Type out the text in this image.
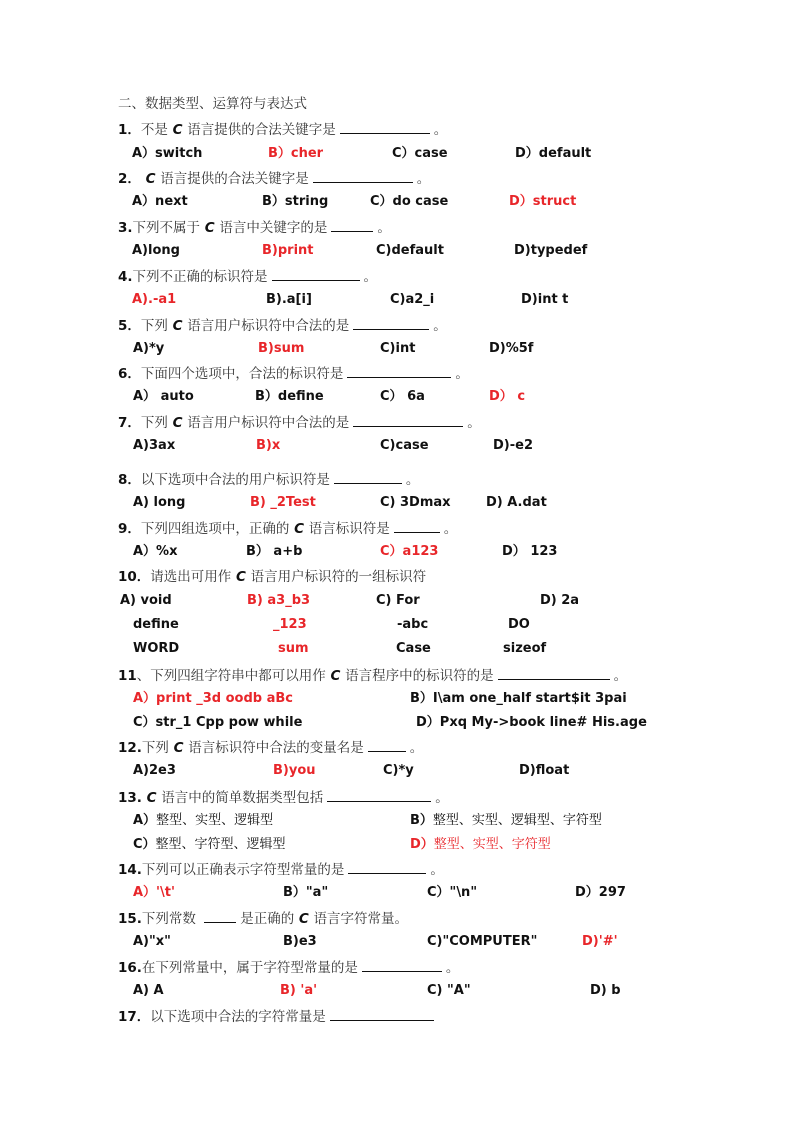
二、数据类型、运算符与表达式
1．不是 C 语言提供的合法关键字是	。
A）switch	B）cher	C）case	D）default
2． C 语言提供的合法关键字是	。
A）next	B）string	C）do case	D）struct
3.下列不属于 C 语言中关键字的是	。
A)long	B)print	C)default	D)typedef
4.下列不正确的标识符是	。
A).-a1	B).a[i]	C)a2_i	D)int t
5．下列 C 语言用户标识符中合法的是	。
A)*y	B)sum	C)int	D)%5f
6．下面四个选项中，合法的标识符是	。
A） auto	B）define	C） 6a	D） c
7．下列 C 语言用户标识符中合法的是	。
A)3ax	B)x	C)case	D)-e2
8．以下选项中合法的用户标识符是	。
A) long	B) _2Test	C) 3Dmax	D) A.dat
9．下列四组选项中，正确的 C 语言标识符是	。
A）%x	B） a+b	C）a123	D） 123
10．请选出可用作 C 语言用户标识符的一组标识符
A) void	B) a3_b3	C) For	D) 2a
define	_123	-abc	DO
WORD	sum	Case	sizeof
11、下列四组字符串中都可以用作 C 语言程序中的标识符的是	。
A）print _3d oodb aBc	B）I\am one_half start$it 3pai
C）str_1 Cpp pow while	D）Pxq My->book line# His.age
12.下列 C 语言标识符中合法的变量名是	。
A)2e3	B)you	C)*y	D)float
13. C 语言中的简单数据类型包括	。
A）整型、实型、逻辑型	B）整型、实型、逻辑型、字符型
C）整型、字符型、逻辑型	D）整型、实型、字符型
14.下列可以正确表示字符型常量的是	。
A）'\t'	B）"a"	C）"\n"	D）297
15.下列常数	是正确的 C 语言字符常量。
A)"x"	B)e3	C)"COMPUTER"	D)'#'
16.在下列常量中，属于字符型常量的是	。
A) A	B) 'a'	C) "A"	D) b
17．以下选项中合法的字符常量是
